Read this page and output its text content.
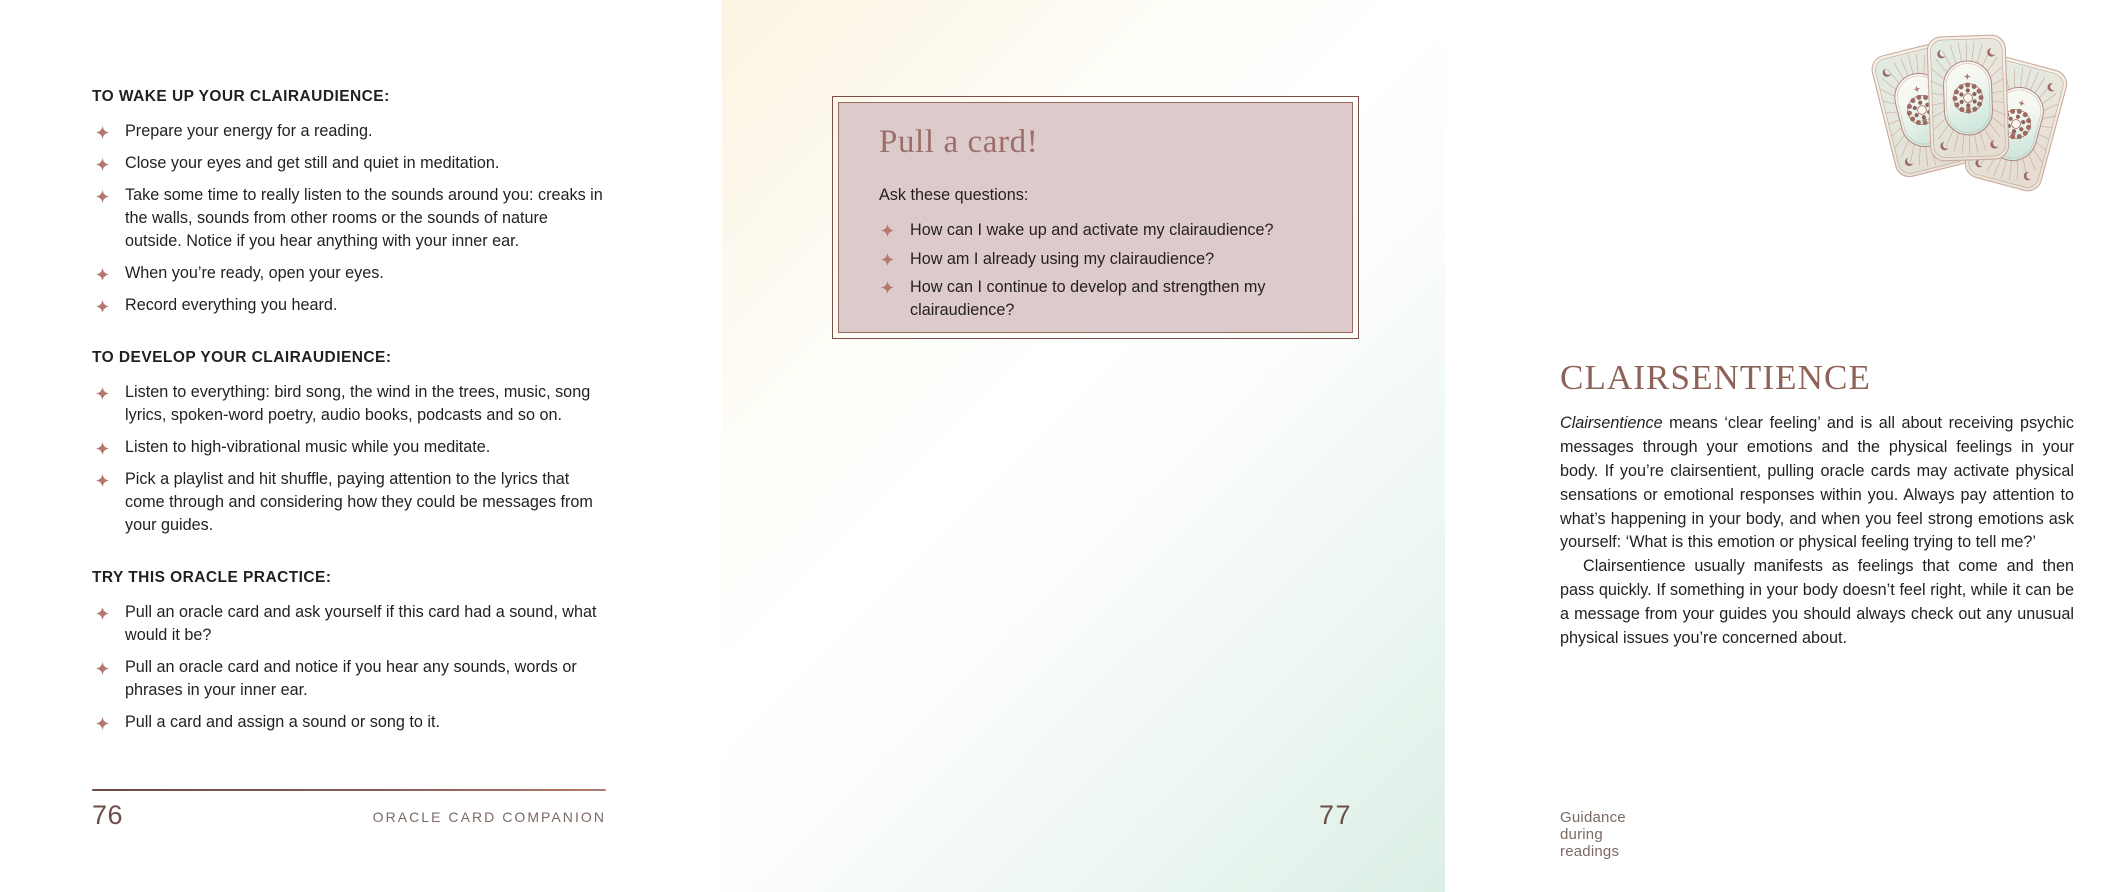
TO WAKE UP YOUR CLAIRAUDIENCE:
Prepare your energy for a reading.
Close your eyes and get still and quiet in meditation.
Take some time to really listen to the sounds around you: creaks in the walls, sounds from other rooms or the sounds of nature outside. Notice if you hear anything with your inner ear.
When you’re ready, open your eyes.
Record everything you heard.
TO DEVELOP YOUR CLAIRAUDIENCE:
Listen to everything: bird song, the wind in the trees, music, song lyrics, spoken-word poetry, audio books, podcasts and so on.
Listen to high-vibrational music while you meditate.
Pick a playlist and hit shuffle, paying attention to the lyrics that come through and considering how they could be messages from your guides.
TRY THIS ORACLE PRACTICE:
Pull an oracle card and ask yourself if this card had a sound, what would it be?
Pull an oracle card and notice if you hear any sounds, words or phrases in your inner ear.
Pull a card and assign a sound or song to it.
76	ORACLE CARD COMPANION
Pull a card!

Ask these questions:

How can I wake up and activate my clairaudience?
How am I already using my clairaudience?
How can I continue to develop and strengthen my clairaudience?
CLAIRSENTIENCE

Clairsentience means ‘clear feeling’ and is all about receiving psychic messages through your emotions and the physical feelings in your body. If you’re clairsentient, pulling oracle cards may activate physical sensations or emotional responses within you. Always pay attention to what’s happening in your body, and when you feel strong emotions ask yourself: ‘What is this emotion or physical feeling trying to tell me?’

Clairsentience usually manifests as feelings that come and then pass quickly. If something in your body doesn’t feel right, while it can be a message from your guides you should always check out any unusual physical issues you’re concerned about.

Guidance during readings
77
